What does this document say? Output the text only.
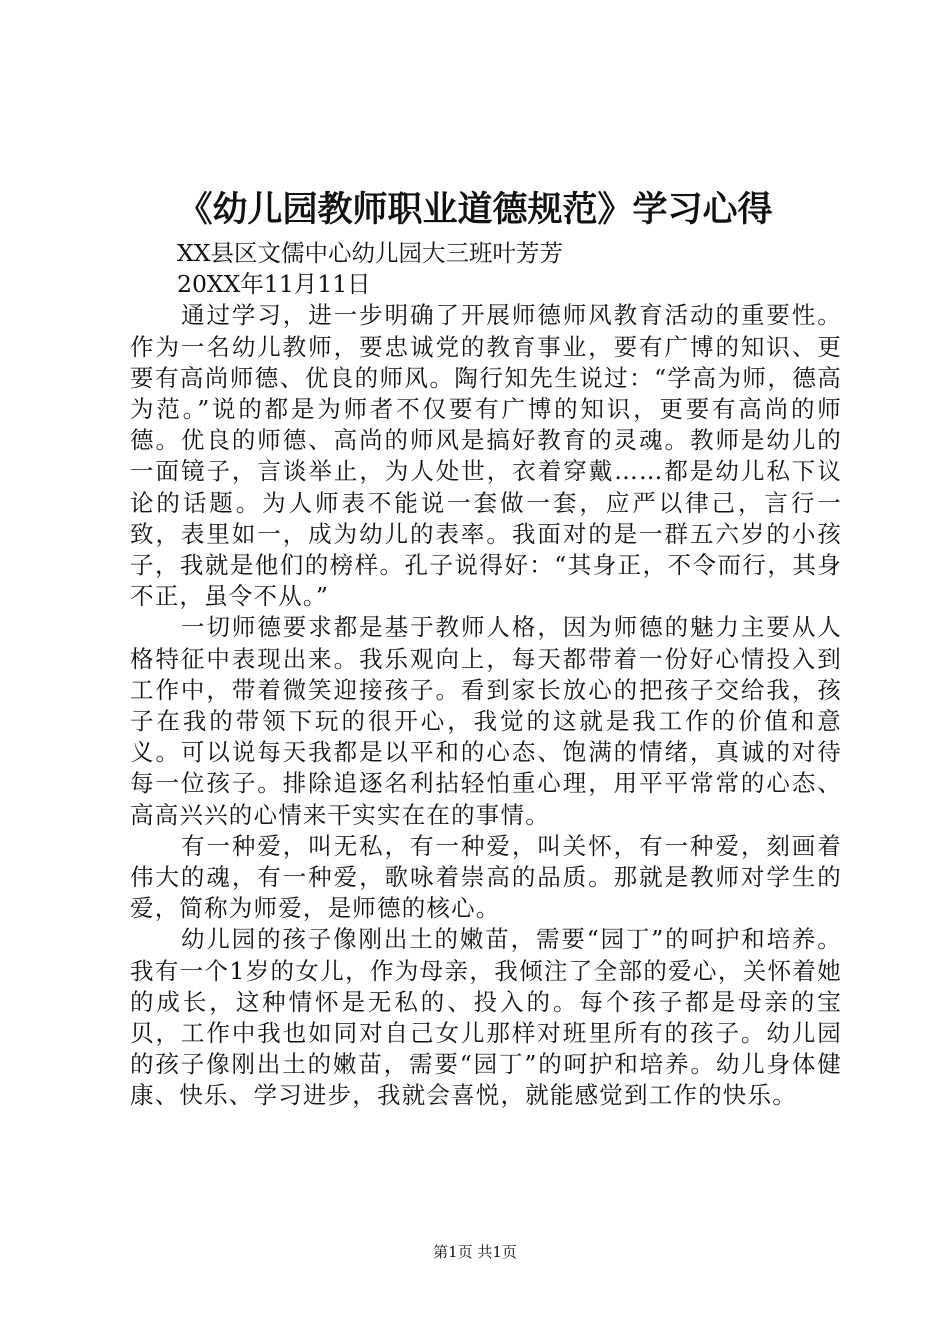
《幼儿园教师职业道德规范》学习心得

XX县区文儒中心幼儿园大三班叶芳芳

20XX年11月11日

通过学习，进一步明确了开展师德师风教育活动的重要性。作为一名幼儿教师，要忠诚党的教育事业，要有广博的知识、更要有高尚师德、优良的师风。陶行知先生说过：“学高为师，德高为范。”说的都是为师者不仅要有广博的知识，更要有高尚的师德。优良的师德、高尚的师风是搞好教育的灵魂。教师是幼儿的一面镜子，言谈举止，为人处世，衣着穿戴……都是幼儿私下议论的话题。为人师表不能说一套做一套，应严以律己，言行一致，表里如一，成为幼儿的表率。我面对的是一群五六岁的小孩子，我就是他们的榜样。孔子说得好：“其身正，不令而行，其身不正，虽令不从。”

一切师德要求都是基于教师人格，因为师德的魅力主要从人格特征中表现出来。我乐观向上，每天都带着一份好心情投入到工作中，带着微笑迎接孩子。看到家长放心的把孩子交给我，孩子在我的带领下玩的很开心，我觉的这就是我工作的价值和意义。可以说每天我都是以平和的心态、饱满的情绪，真诚的对待每一位孩子。排除追逐名利拈轻怕重心理，用平平常常的心态、高高兴兴的心情来干实实在在的事情。

有一种爱，叫无私，有一种爱，叫关怀，有一种爱，刻画着伟大的魂，有一种爱，歌咏着崇高的品质。那就是教师对学生的爱，简称为师爱，是师德的核心。

幼儿园的孩子像刚出土的嫩苗，需要“园丁”的呵护和培养。我有一个1岁的女儿，作为母亲，我倾注了全部的爱心，关怀着她的成长，这种情怀是无私的、投入的。每个孩子都是母亲的宝贝，工作中我也如同对自己女儿那样对班里所有的孩子。幼儿园的孩子像刚出土的嫩苗，需要“园丁”的呵护和培养。幼儿身体健康、快乐、学习进步，我就会喜悦，就能感觉到工作的快乐。

第1页 共1页
